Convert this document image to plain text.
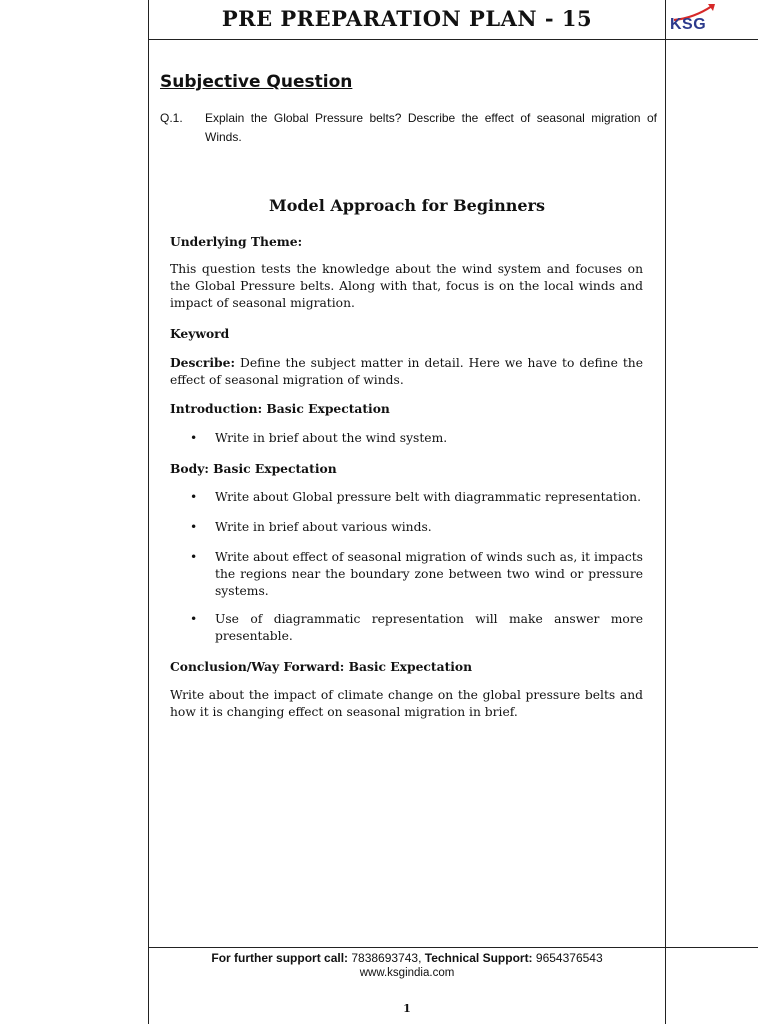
PRE PREPARATION PLAN - 15	KSG
Subjective Question
Q.1. Explain the Global Pressure belts? Describe the effect of seasonal migration of Winds.
Model Approach for Beginners

Underlying Theme:

This question tests the knowledge about the wind system and focuses on the Global Pressure belts. Along with that, focus is on the local winds and impact of seasonal migration.

Keyword

Describe: Define the subject matter in detail. Here we have to define the effect of seasonal migration of winds.

Introduction: Basic Expectation

• Write in brief about the wind system.

Body: Basic Expectation

• Write about Global pressure belt with diagrammatic representation.
• Write in brief about various winds.
• Write about effect of seasonal migration of winds such as, it impacts the regions near the boundary zone between two wind or pressure systems.
• Use of diagrammatic representation will make answer more presentable.

Conclusion/Way Forward: Basic Expectation

Write about the impact of climate change on the global pressure belts and how it is changing effect on seasonal migration in brief.

For further support call: 7838693743, Technical Support: 9654376543
www.ksgindia.com
1
